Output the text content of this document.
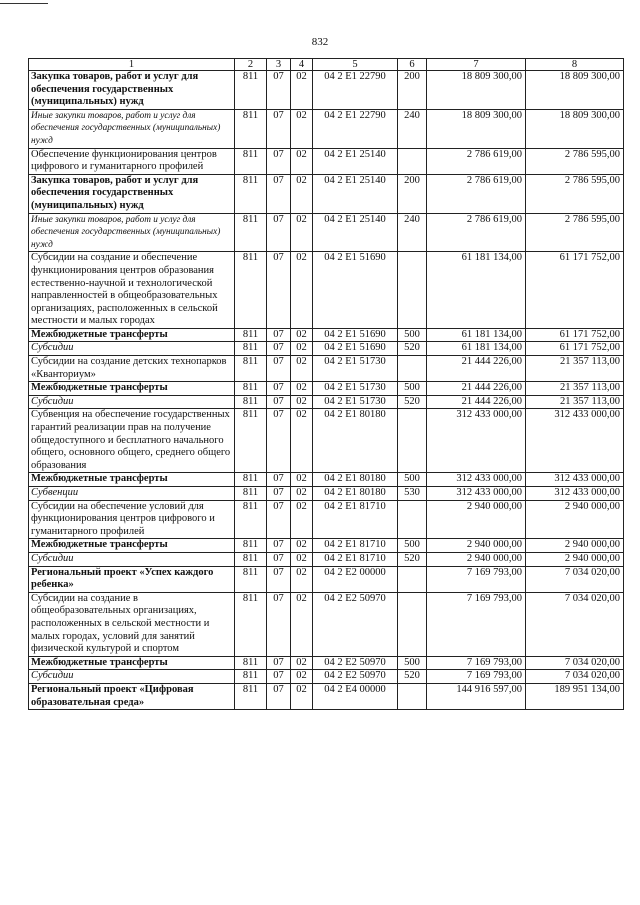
832
1	2	3	4	5	6	7	8
Закупка товаров, работ и услуг для обеспечения государственных (муниципальных) нужд	811	07	02	04 2 E1 22790	200	18 809 300,00	18 809 300,00
Иные закупки товаров, работ и услуг для обеспечения государственных (муниципальных) нужд	811	07	02	04 2 E1 22790	240	18 809 300,00	18 809 300,00
Обеспечение функционирования центров цифрового и гуманитарного профилей	811	07	02	04 2 E1 25140		2 786 619,00	2 786 595,00
Закупка товаров, работ и услуг для обеспечения государственных (муниципальных) нужд	811	07	02	04 2 E1 25140	200	2 786 619,00	2 786 595,00
Иные закупки товаров, работ и услуг для обеспечения государственных (муниципальных) нужд	811	07	02	04 2 E1 25140	240	2 786 619,00	2 786 595,00
Субсидии на создание и обеспечение функционирования центров образования естественно-научной и технологической направленностей в общеобразовательных организациях, расположенных в сельской местности и малых городах	811	07	02	04 2 E1 51690		61 181 134,00	61 171 752,00
Межбюджетные трансферты	811	07	02	04 2 E1 51690	500	61 181 134,00	61 171 752,00
Субсидии	811	07	02	04 2 E1 51690	520	61 181 134,00	61 171 752,00
Субсидии на создание детских технопарков «Кванториум»	811	07	02	04 2 E1 51730		21 444 226,00	21 357 113,00
Межбюджетные трансферты	811	07	02	04 2 E1 51730	500	21 444 226,00	21 357 113,00
Субсидии	811	07	02	04 2 E1 51730	520	21 444 226,00	21 357 113,00
Субвенция на обеспечение государственных гарантий реализации прав на получение общедоступного и бесплатного начального общего, основного общего, среднего общего образования	811	07	02	04 2 E1 80180		312 433 000,00	312 433 000,00
Межбюджетные трансферты	811	07	02	04 2 E1 80180	500	312 433 000,00	312 433 000,00
Субвенции	811	07	02	04 2 E1 80180	530	312 433 000,00	312 433 000,00
Субсидии на обеспечение условий для функционирования центров цифрового и гуманитарного профилей	811	07	02	04 2 E1 81710		2 940 000,00	2 940 000,00
Межбюджетные трансферты	811	07	02	04 2 E1 81710	500	2 940 000,00	2 940 000,00
Субсидии	811	07	02	04 2 E1 81710	520	2 940 000,00	2 940 000,00
Региональный проект «Успех каждого ребенка»	811	07	02	04 2 E2 00000		7 169 793,00	7 034 020,00
Субсидии на создание в общеобразовательных организациях, расположенных в сельской местности и малых городах, условий для занятий физической культурой и спортом	811	07	02	04 2 E2 50970		7 169 793,00	7 034 020,00
Межбюджетные трансферты	811	07	02	04 2 E2 50970	500	7 169 793,00	7 034 020,00
Субсидии	811	07	02	04 2 E2 50970	520	7 169 793,00	7 034 020,00
Региональный проект «Цифровая образовательная среда»	811	07	02	04 2 E4 00000		144 916 597,00	189 951 134,00
